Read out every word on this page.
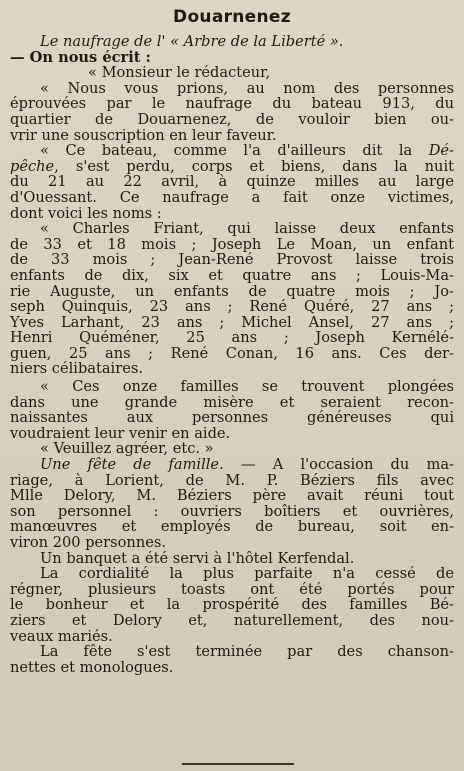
Douarnenez
Le naufrage de l' « Arbre de la Liberté ».
— On nous écrit :
« Monsieur le rédacteur,
« Nous vous prions, au nom des personnes
éprouvées par le naufrage du bateau 913, du
quartier de Douarnenez, de vouloir bien ou-
vrir une souscription en leur faveur.
« Ce bateau, comme l'a d'ailleurs dit la Dé-
pêche, s'est perdu, corps et biens, dans la nuit
du 21 au 22 avril, à quinze milles au large
d'Ouessant. Ce naufrage a fait onze victimes,
dont voici les noms :
« Charles Friant, qui laisse deux enfants
de 33 et 18 mois ; Joseph Le Moan, un enfant
de 33 mois ; Jean-René Provost laisse trois
enfants de dix, six et quatre ans ; Louis-Ma-
rie Auguste, un enfants de quatre mois ; Jo-
seph Quinquis, 23 ans ; René Quéré, 27 ans ;
Yves Larhant, 23 ans ; Michel Ansel, 27 ans ;
Henri Quéméner, 25 ans ; Joseph Kernélé-
guen, 25 ans ; René Conan, 16 ans. Ces der-
niers célibataires.
« Ces onze familles se trouvent plongées
dans une grande misère et seraient recon-
naissantes aux personnes généreuses qui
voudraient leur venir en aide.
« Veuillez agréer, etc. »
Une fête de famille. — A l'occasion du ma-
riage, à Lorient, de M. P. Béziers fils avec
Mlle Delory, M. Béziers père avait réuni tout
son personnel : ouvriers boîtiers et ouvrières,
manœuvres et employés de bureau, soit en-
viron 200 personnes.
Un banquet a été servi à l'hôtel Kerfendal.
La cordialité la plus parfaite n'a cessé de
régner, plusieurs toasts ont été portés pour
le bonheur et la prospérité des familles Bé-
ziers et Delory et, naturellement, des nou-
veaux mariés.
La fête s'est terminée par des chanson-
nettes et monologues.
